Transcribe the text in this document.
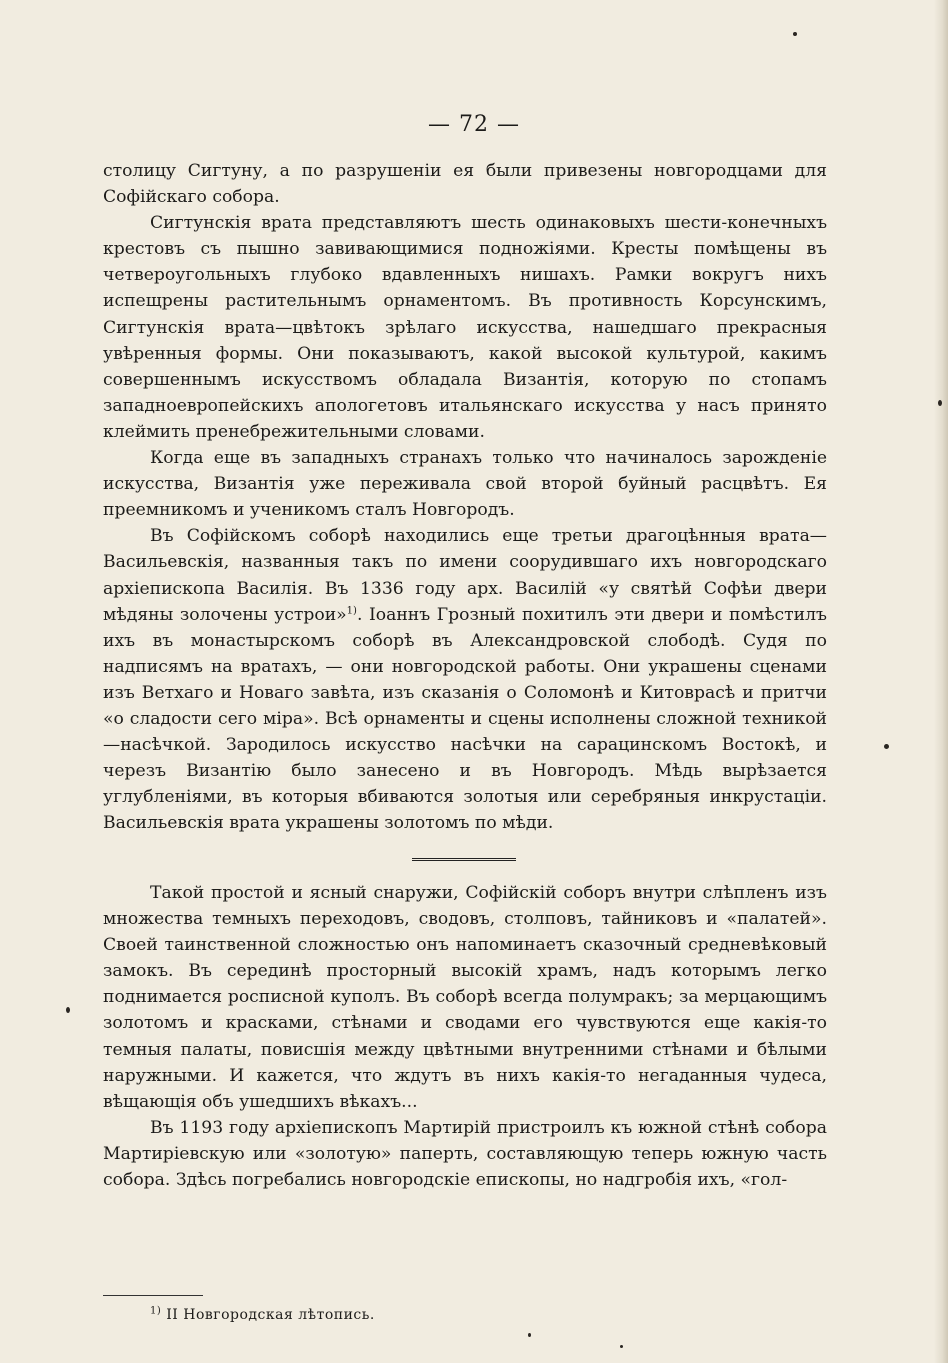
— 72 —

столицу Сигтуну, а по разрушенiи ея были привезены новгородцами для Софiйскаго собора.

Сигтунскiя врата представляютъ шесть одинаковыхъ шести-конечныхъ крестовъ съ пышно завивающимися подножiями. Кресты помѣщены въ четвероугольныхъ глубоко вдавленныхъ нишахъ. Рамки вокругъ нихъ испещрены растительнымъ орнаментомъ. Въ противность Корсунскимъ, Сигтунскiя врата—цвѣтокъ зрѣлаго искусства, нашедшаго прекрасныя увѣренныя формы. Они показываютъ, какой высокой культурой, какимъ совершеннымъ искусствомъ обладала Византiя, которую по стопамъ западноевропейскихъ апологетовъ итальянскаго искусства у насъ принято клеймить пренебрежительными словами.

Когда еще въ западныхъ странахъ только что начиналось зарожденiе искусства, Византiя уже переживала свой второй буйный расцвѣтъ. Ея преемникомъ и ученикомъ сталъ Новгородъ.

Въ Софiйскомъ соборѣ находились еще третьи драгоцѣнныя врата— Васильевскiя, названныя такъ по имени соорудившаго ихъ новгородскаго архiепископа Василiя. Въ 1336 году арх. Василiй «у святѣй Софѣи двери мѣдяны золочены устрои»$^{1)}$. Iоаннъ Грозный похитилъ эти двери и помѣстилъ ихъ въ монастырскомъ соборѣ въ Александровской слободѣ. Судя по надписямъ на вратахъ, — они новгородской работы. Они украшены сценами изъ Ветхаго и Новаго завѣта, изъ сказанiя о Соломонѣ и Китоврасѣ и притчи «о сладости сего мiра». Всѣ орнаменты и сцены исполнены сложной техникой—насѣчкой. Зародилось искусство насѣчки на сарацинскомъ Востокѣ, и черезъ Византiю было занесено и въ Новгородъ. Мѣдь вырѣзается углубленiями, въ которыя вбиваются золотыя или серебряныя инкрустацiи. Васильевскiя врата украшены золотомъ по мѣди.

Такой простой и ясный снаружи, Софiйскiй соборъ внутри слѣпленъ изъ множества темныхъ переходовъ, сводовъ, столповъ, тайниковъ и «палатей». Своей таинственной сложностью онъ напоминаетъ сказочный средневѣковый замокъ. Въ серединѣ просторный высокiй храмъ, надъ которымъ легко поднимается росписной куполъ. Въ соборѣ всегда полумракъ; за мерцающимъ золотомъ и красками, стѣнами и сводами его чувствуются еще какiя-то темныя палаты, повисшiя между цвѣтными внутренними стѣнами и бѣлыми наружными. И кажется, что ждутъ въ нихъ какiя-то негаданныя чудеса, вѣщающiя объ ушедшихъ вѣкахъ...

Въ 1193 году архiепископъ Мартирiй пристроилъ къ южной стѣнѣ собора Мартирiевскую или «золотую» паперть, составляющую теперь южную часть собора. Здѣсь погребались новгородскiе епископы, но надгробiя ихъ, «гол-

$^{1)}$ II Новгородская лѣтопись.
